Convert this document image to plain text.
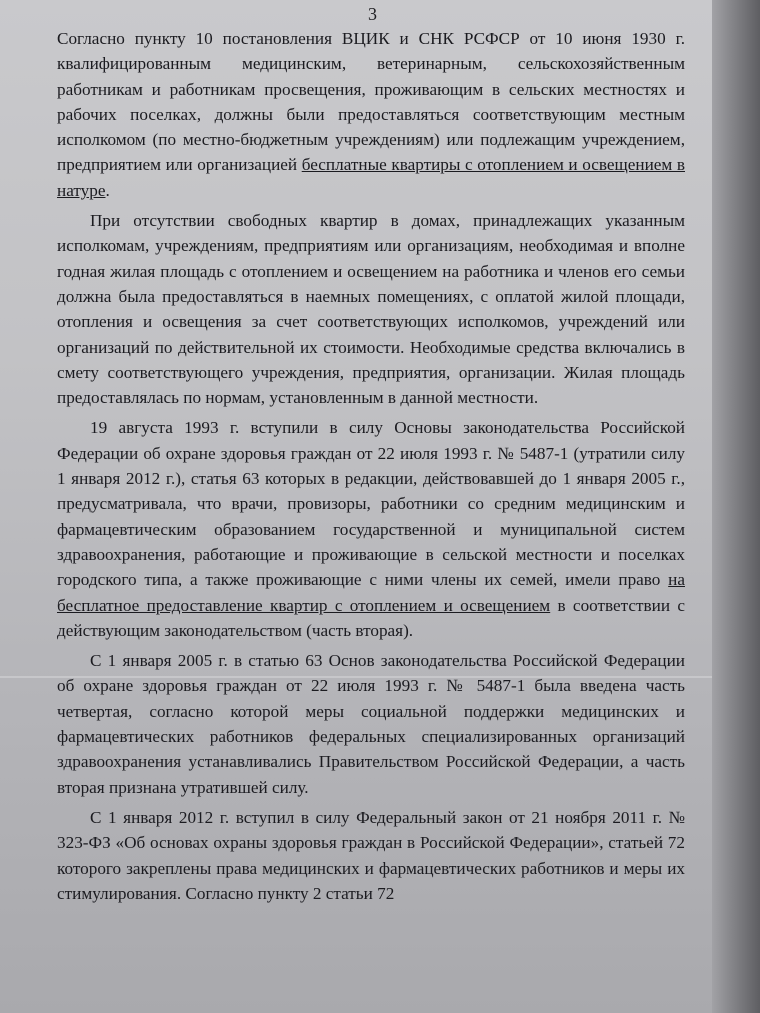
3

Согласно пункту 10 постановления ВЦИК и СНК РСФСР от 10 июня 1930 г. квалифицированным медицинским, ветеринарным, сельскохозяйственным работникам и работникам просвещения, проживающим в сельских местностях и рабочих поселках, должны были предоставляться соответствующим местным исполкомом (по местно-бюджетным учреждениям) или подлежащим учреждением, предприятием или организацией бесплатные квартиры с отоплением и освещением в натуре.

При отсутствии свободных квартир в домах, принадлежащих указанным исполкомам, учреждениям, предприятиям или организациям, необходимая и вполне годная жилая площадь с отоплением и освещением на работника и членов его семьи должна была предоставляться в наемных помещениях, с оплатой жилой площади, отопления и освещения за счет соответствующих исполкомов, учреждений или организаций по действительной их стоимости. Необходимые средства включались в смету соответствующего учреждения, предприятия, организации. Жилая площадь предоставлялась по нормам, установленным в данной местности.

19 августа 1993 г. вступили в силу Основы законодательства Российской Федерации об охране здоровья граждан от 22 июля 1993 г. № 5487-1 (утратили силу 1 января 2012 г.), статья 63 которых в редакции, действовавшей до 1 января 2005 г., предусматривала, что врачи, провизоры, работники со средним медицинским и фармацевтическим образованием государственной и муниципальной систем здравоохранения, работающие и проживающие в сельской местности и поселках городского типа, а также проживающие с ними члены их семей, имели право на бесплатное предоставление квартир с отоплением и освещением в соответствии с действующим законодательством (часть вторая).

С 1 января 2005 г. в статью 63 Основ законодательства Российской Федерации об охране здоровья граждан от 22 июля 1993 г. № 5487-1 была введена часть четвертая, согласно которой меры социальной поддержки медицинских и фармацевтических работников федеральных специализированных организаций здравоохранения устанавливались Правительством Российской Федерации, а часть вторая признана утратившей силу.

С 1 января 2012 г. вступил в силу Федеральный закон от 21 ноября 2011 г. № 323-ФЗ «Об основах охраны здоровья граждан в Российской Федерации», статьей 72 которого закреплены права медицинских и фармацевтических работников и меры их стимулирования. Согласно пункту 2 статьи 72
